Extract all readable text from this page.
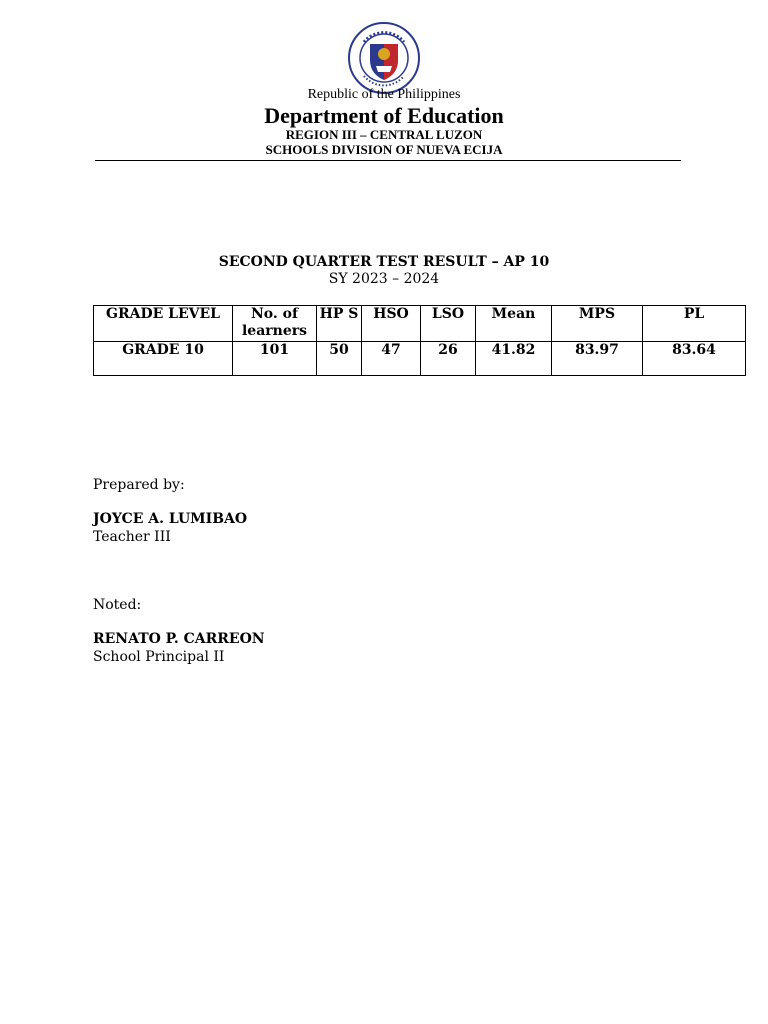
Republic of the Philippines
Department of Education
REGION III – CENTRAL LUZON
SCHOOLS DIVISION OF NUEVA ECIJA
SECOND QUARTER TEST RESULT – AP 10
SY 2023 – 2024
GRADE LEVEL	No. of learners	HP S	HSO	LSO	Mean	MPS	PL
GRADE 10	101	50	47	26	41.82	83.97	83.64
Prepared by:
JOYCE A. LUMIBAO
Teacher III
Noted:
RENATO P. CARREON
School Principal II
